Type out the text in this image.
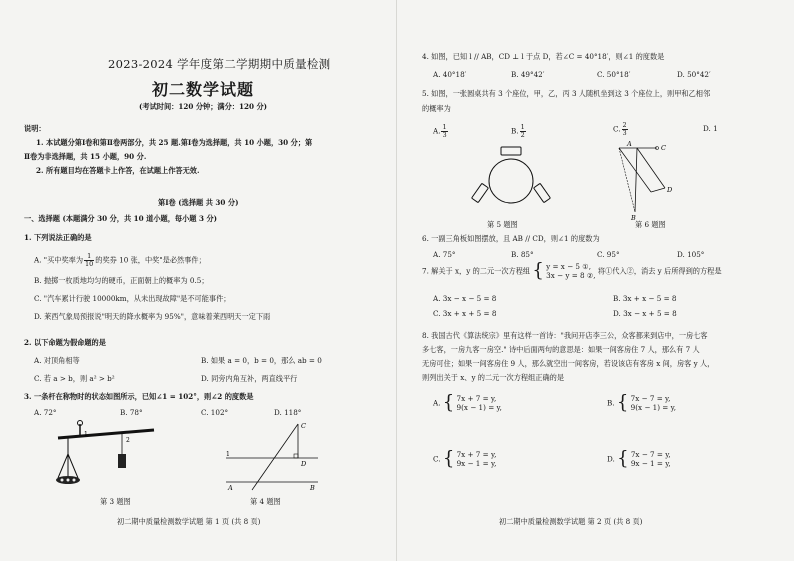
2023-2024 学年度第二学期期中质量检测
初二数学试题
(考试时间：120 分钟；满分：120 分)
说明：
1. 本试题分第Ⅰ卷和第Ⅱ卷两部分，共 25 题.第Ⅰ卷为选择题，共 10 小题，30 分；第
Ⅱ卷为非选择题，共 15 小题，90 分.
2. 所有题目均在答题卡上作答，在试题上作答无效.
第Ⅰ卷 (选择题 共 30 分)
一、选择题 (本题满分 30 分，共 10 道小题，每小题 3 分)
1. 下列说法正确的是
A. "买中奖率为 $\frac{1}{10}$ 的奖券 10 张，中奖"是必然事件；
B. 抛掷一枚质地均匀的硬币，正面朝上的概率为 0.5；
C. "汽车累计行驶 10000km，从未出现故障"是不可能事件；
D. 莱西气象局预报说"明天的降水概率为 95%"，意味着莱西明天一定下雨
2. 以下命题为假命题的是
A. 对顶角相等	B. 如果 a = 0，b = 0，那么 ab = 0
C. 若 a > b，则 a² > b²	D. 同旁内角互补，两直线平行
3. 一条杆在称物时的状态如图所示，已知∠1 = 102°，则∠2 的度数是
A. 72°	B. 78°	C. 102°	D. 118°
1
2
第 3 题图
C
D
A	B
1
第 4 题图
初二期中质量检测数学试题 第 1 页 (共 8 页)
4. 如图，已知 l // AB，CD ⊥ l 于点 D，若∠C = 40°18′，则∠1 的度数是
A. 40°18′	B. 49°42′	C. 50°18′	D. 50°42′
5. 如图，一张圆桌共有 3 个座位，甲，乙，丙 3 人随机坐到这 3 个座位上，则甲和乙相邻
的概率为
A. $\frac{1}{3}$	B. $\frac{1}{2}$	C. $\frac{2}{3}$	D. 1
第 5 题图
A	C
B
D
第 6 题图
6. 一副三角板如图摆放，且 AB // CD，则∠1 的度数为
A. 75°	B. 85°	C. 95°	D. 105°
7. 解关于 x，y 的二元一次方程组 { y = x − 5 ①,
3x − y = 8 ②, 将①代入②，消去 y 后所得到的方程是
A. 3x − x − 5 = 8	B. 3x + x − 5 = 8
C. 3x + x + 5 = 8	D. 3x − x + 5 = 8
8. 我国古代《算法统宗》里有这样一首诗："我问开店李三公，众客都来到店中，一房七客
多七客，一房九客一房空." 诗中后面两句的意思是：如果一间客房住 7 人，那么有 7 人
无房可住；如果一间客房住 9 人，那么就空出一间客房，若设该店有客房 x 间，房客 y 人，
则列出关于 x、y 的二元一次方程组正确的是
A. { 7x + 7 = y,
9(x − 1) = y,	B. { 7x − 7 = y,
9(x − 1) = y,
C. { 7x + 7 = y,
9x − 1 = y,	D. { 7x − 7 = y,
9x − 1 = y,
初二期中质量检测数学试题 第 2 页 (共 8 页)
